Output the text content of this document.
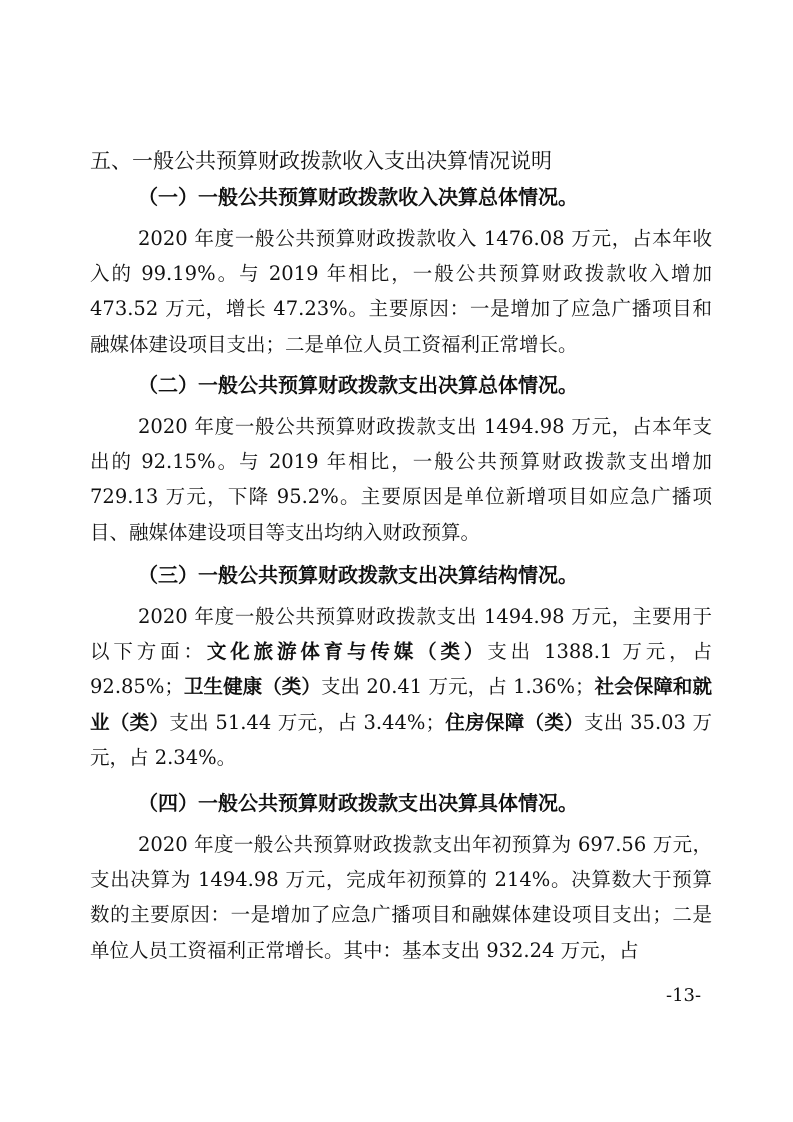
五、一般公共预算财政拨款收入支出决算情况说明
（一）一般公共预算财政拨款收入决算总体情况。
2020 年度一般公共预算财政拨款收入 1476.08 万元，占本年收入的 99.19%。与 2019 年相比，一般公共预算财政拨款收入增加 473.52 万元，增长 47.23%。主要原因：一是增加了应急广播项目和融媒体建设项目支出；二是单位人员工资福利正常增长。
（二）一般公共预算财政拨款支出决算总体情况。
2020 年度一般公共预算财政拨款支出 1494.98 万元，占本年支出的 92.15%。与 2019 年相比，一般公共预算财政拨款支出增加 729.13 万元，下降 95.2%。主要原因是单位新增项目如应急广播项目、融媒体建设项目等支出均纳入财政预算。
（三）一般公共预算财政拨款支出决算结构情况。
2020 年度一般公共预算财政拨款支出 1494.98 万元，主要用于以下方面：文化旅游体育与传媒（类）支出 1388.1 万元，占 92.85%；卫生健康（类）支出 20.41 万元，占 1.36%；社会保障和就业（类）支出 51.44 万元，占 3.44%；住房保障（类）支出 35.03 万元，占 2.34%。
（四）一般公共预算财政拨款支出决算具体情况。
2020 年度一般公共预算财政拨款支出年初预算为 697.56 万元，支出决算为 1494.98 万元，完成年初预算的 214%。决算数大于预算数的主要原因：一是增加了应急广播项目和融媒体建设项目支出；二是单位人员工资福利正常增长。其中：基本支出 932.24 万元，占
-13-
